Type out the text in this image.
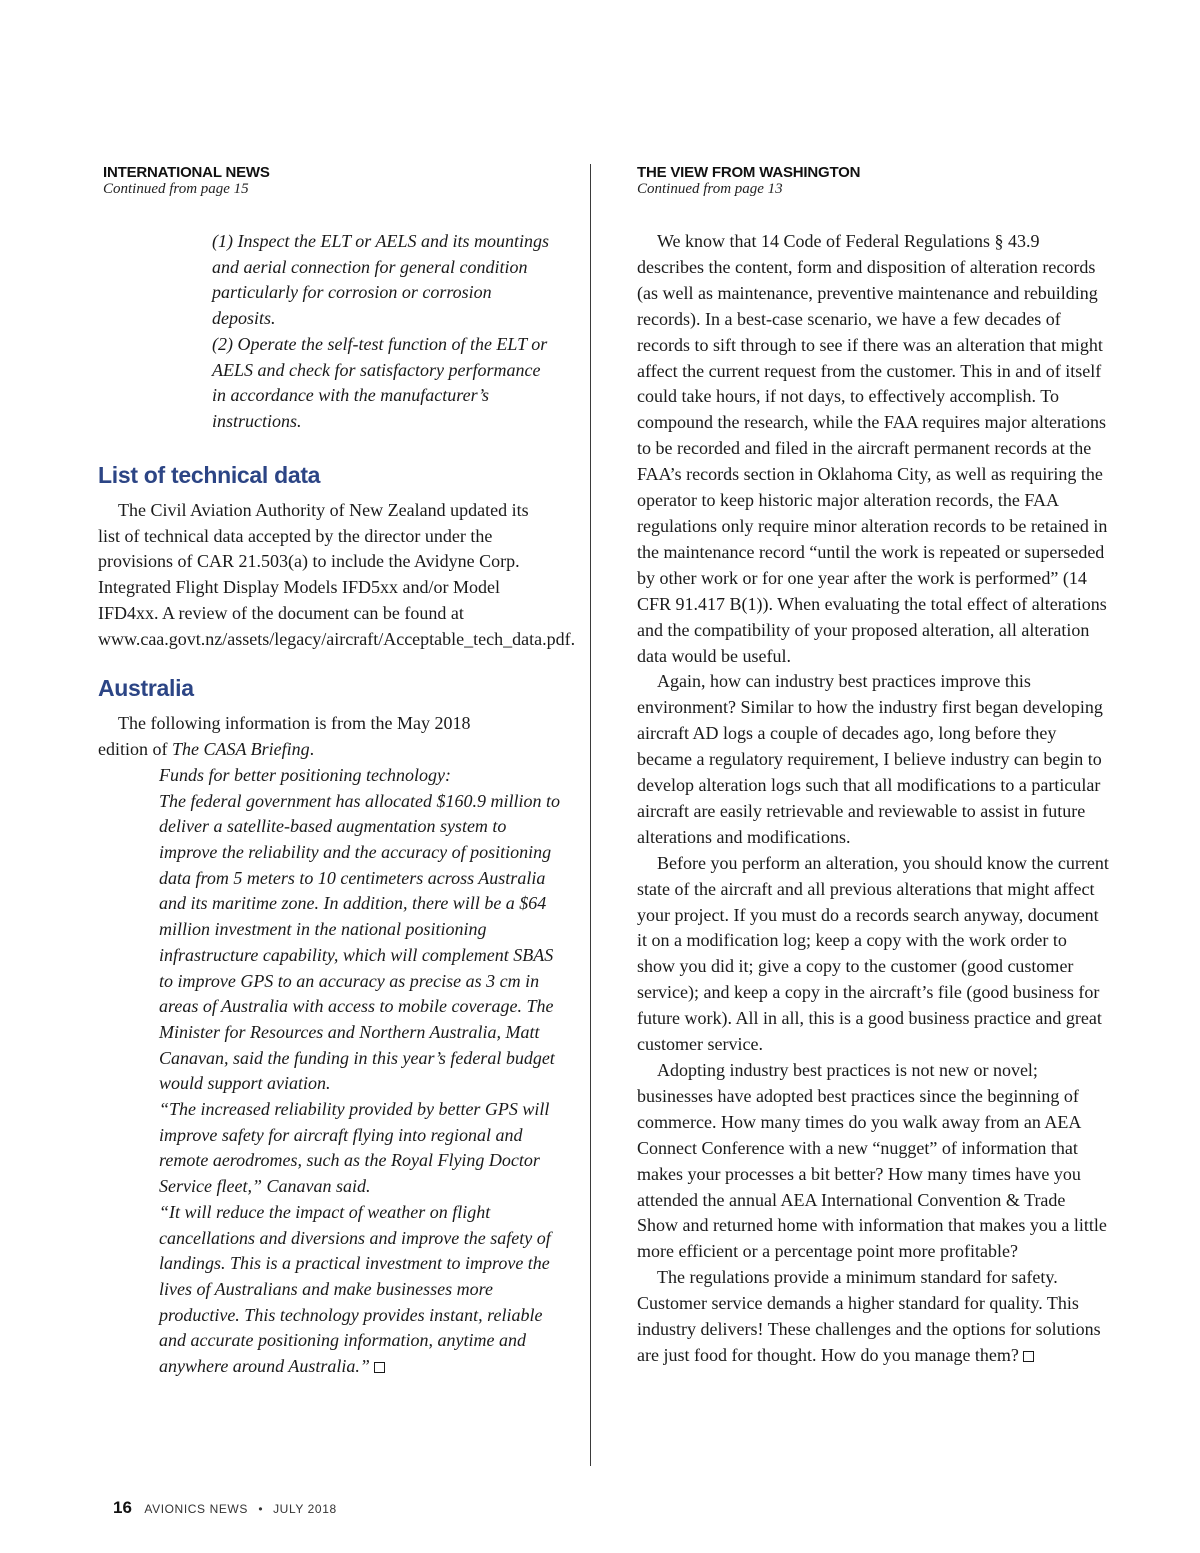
INTERNATIONAL NEWS
Continued from page 15

(1) Inspect the ELT or AELS and its mountings and aerial connection for general condition particularly for corrosion or corrosion deposits.

(2) Operate the self-test function of the ELT or AELS and check for satisfactory performance in accordance with the manufacturer’s instructions.

List of technical data

The Civil Aviation Authority of New Zealand updated its list of technical data accepted by the director under the provisions of CAR 21.503(a) to include the Avidyne Corp. Integrated Flight Display Models IFD5xx and/or Model IFD4xx. A review of the document can be found at www.caa.govt.nz/assets/legacy/aircraft/Acceptable_tech_data.pdf.

Australia

The following information is from the May 2018 edition of The CASA Briefing.

Funds for better positioning technology:

The federal government has allocated $160.9 million to deliver a satellite-based augmentation system to improve the reliability and the accuracy of positioning data from 5 meters to 10 centimeters across Australia and its maritime zone. In addition, there will be a $64 million investment in the national positioning infrastructure capability, which will complement SBAS to improve GPS to an accuracy as precise as 3 cm in areas of Australia with access to mobile coverage. The Minister for Resources and Northern Australia, Matt Canavan, said the funding in this year’s federal budget would support aviation.

“The increased reliability provided by better GPS will improve safety for aircraft flying into regional and remote aerodromes, such as the Royal Flying Doctor Service fleet,” Canavan said.

“It will reduce the impact of weather on flight cancellations and diversions and improve the safety of landings. This is a practical investment to improve the lives of Australians and make businesses more productive. This technology provides instant, reliable and accurate positioning information, anytime and anywhere around Australia.”

THE VIEW FROM WASHINGTON
Continued from page 13

We know that 14 Code of Federal Regulations § 43.9 describes the content, form and disposition of alteration records (as well as maintenance, preventive maintenance and rebuilding records). In a best-case scenario, we have a few decades of records to sift through to see if there was an alteration that might affect the current request from the customer. This in and of itself could take hours, if not days, to effectively accomplish. To compound the research, while the FAA requires major alterations to be recorded and filed in the aircraft permanent records at the FAA’s records section in Oklahoma City, as well as requiring the operator to keep historic major alteration records, the FAA regulations only require minor alteration records to be retained in the maintenance record “until the work is repeated or superseded by other work or for one year after the work is performed” (14 CFR 91.417 B(1)). When evaluating the total effect of alterations and the compatibility of your proposed alteration, all alteration data would be useful.

Again, how can industry best practices improve this environment? Similar to how the industry first began developing aircraft AD logs a couple of decades ago, long before they became a regulatory requirement, I believe industry can begin to develop alteration logs such that all modifications to a particular aircraft are easily retrievable and reviewable to assist in future alterations and modifications.

Before you perform an alteration, you should know the current state of the aircraft and all previous alterations that might affect your project. If you must do a records search anyway, document it on a modification log; keep a copy with the work order to show you did it; give a copy to the customer (good customer service); and keep a copy in the aircraft’s file (good business for future work). All in all, this is a good business practice and great customer service.

Adopting industry best practices is not new or novel; businesses have adopted best practices since the beginning of commerce. How many times do you walk away from an AEA Connect Conference with a new “nugget” of information that makes your processes a bit better? How many times have you attended the annual AEA International Convention & Trade Show and returned home with information that makes you a little more efficient or a percentage point more profitable?

The regulations provide a minimum standard for safety. Customer service demands a higher standard for quality. This industry delivers! These challenges and the options for solutions are just food for thought. How do you manage them?

16 AVIONICS NEWS • JULY 2018
